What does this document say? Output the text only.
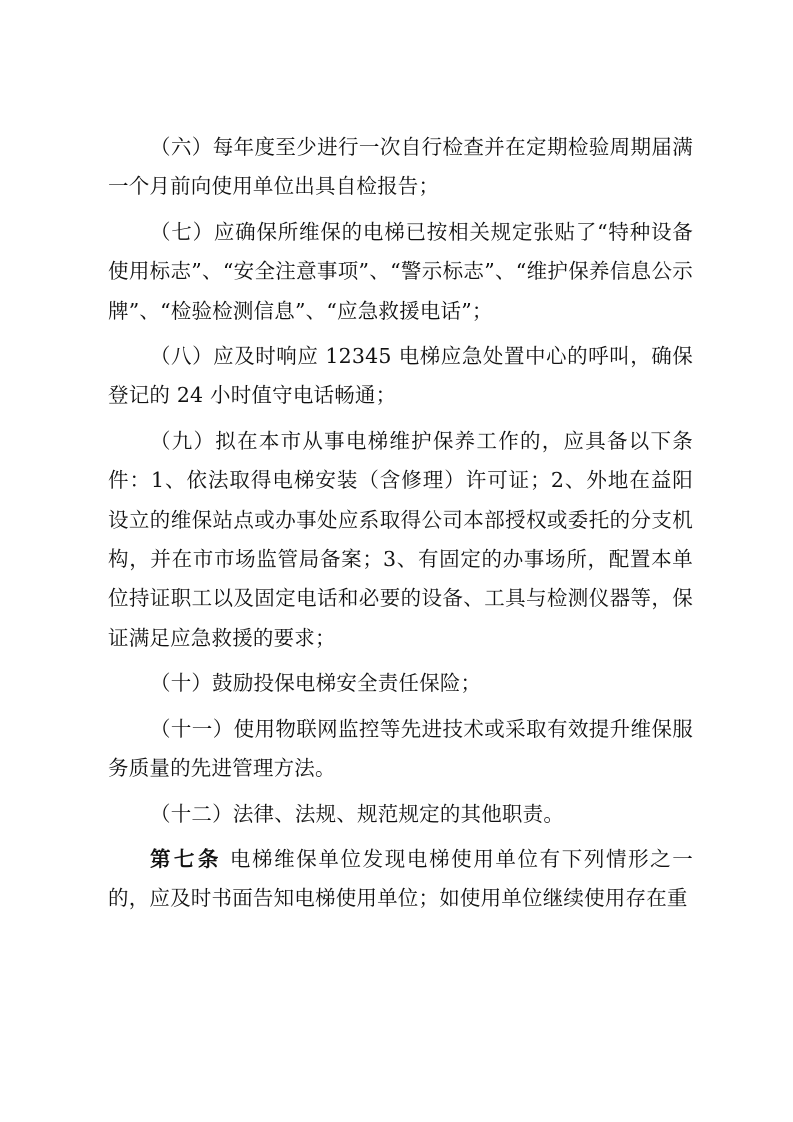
（六）每年度至少进行一次自行检查并在定期检验周期届满一个月前向使用单位出具自检报告；

（七）应确保所维保的电梯已按相关规定张贴了“特种设备使用标志”、“安全注意事项”、“警示标志”、“维护保养信息公示牌”、“检验检测信息”、“应急救援电话”；

（八）应及时响应 12345 电梯应急处置中心的呼叫，确保登记的 24 小时值守电话畅通；

（九）拟在本市从事电梯维护保养工作的，应具备以下条件：1、依法取得电梯安装（含修理）许可证；2、外地在益阳设立的维保站点或办事处应系取得公司本部授权或委托的分支机构，并在市市场监管局备案；3、有固定的办事场所，配置本单位持证职工以及固定电话和必要的设备、工具与检测仪器等，保证满足应急救援的要求；

（十）鼓励投保电梯安全责任保险；

（十一）使用物联网监控等先进技术或采取有效提升维保服务质量的先进管理方法。

（十二）法律、法规、规范规定的其他职责。

第七条 电梯维保单位发现电梯使用单位有下列情形之一的，应及时书面告知电梯使用单位；如使用单位继续使用存在重
